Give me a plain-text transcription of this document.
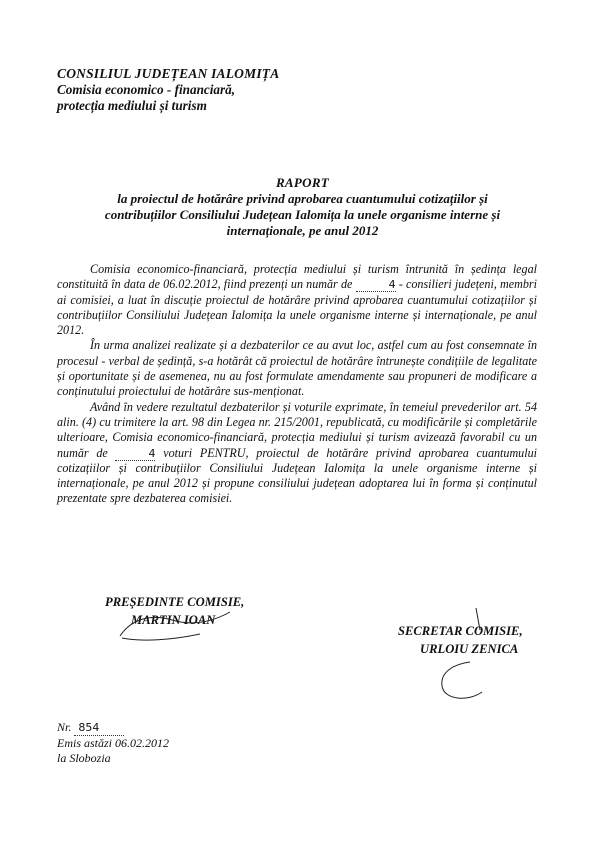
CONSILIUL JUDEȚEAN IALOMIȚA
Comisia economico - financiară,
protecția mediului și turism
RAPORT
la proiectul de hotărâre privind aprobarea cuantumului cotizațiilor și
contribuțiilor Consiliului Județean Ialomița la unele organisme interne și
internaționale, pe anul 2012

Comisia economico-financiară, protecția mediului și turism întrunită în ședința legal constituită în data de 06.02.2012, fiind prezenți un număr de	4 - consilieri județeni, membri ai comisiei, a luat în discuție proiectul de hotărâre privind aprobarea cuantumului cotizațiilor și contribuțiilor Consiliului Județean Ialomița la unele organisme interne și internaționale, pe anul 2012.

În urma analizei realizate și a dezbaterilor ce au avut loc, astfel cum au fost consemnate în procesul - verbal de ședință, s-a hotărât că proiectul de hotărâre întrunește condițiile de legalitate și oportunitate și de asemenea, nu au fost formulate amendamente sau propuneri de modificare a conținutului proiectului de hotărâre sus-menționat.

Având în vedere rezultatul dezbaterilor și voturile exprimate, în temeiul prevederilor art. 54 alin. (4) cu trimitere la art. 98 din Legea nr. 215/2001, republicată, cu modificările și completările ulterioare, Comisia economico-financiară, protecția mediului și turism avizează favorabil cu un număr de	4 voturi PENTRU, proiectul de hotărâre privind aprobarea cuantumului cotizațiilor și contribuțiilor Consiliului Județean Ialomița la unele organisme interne și internaționale, pe anul 2012 și propune consiliului județean adoptarea lui în forma și conținutul prezentate spre dezbaterea comisiei.

PREȘEDINTE COMISIE,
MARTIN IOAN
SECRETAR COMISIE,
URLOIU ZENICA
Nr. 854
Emis astăzi 06.02.2012
la Slobozia
